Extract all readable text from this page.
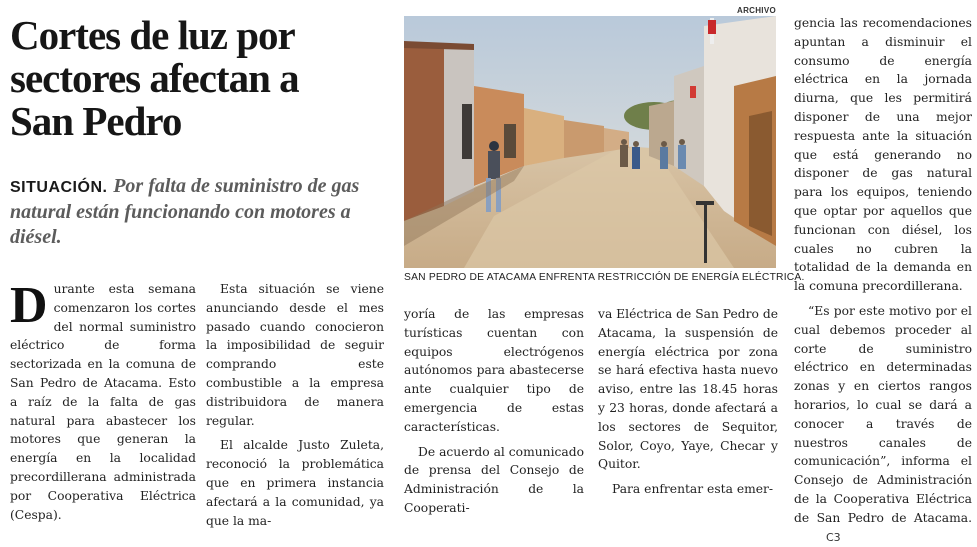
ARCHIVO
Cortes de luz por
sectores afectan a
San Pedro
SITUACIÓN. Por falta de suministro de gas natural están funcionando con motores a diésel.
SAN PEDRO DE ATACAMA ENFRENTA RESTRICCIÓN DE ENERGÍA ELÉCTRICA.

Durante esta semana comenzaron los cortes del normal suministro eléctrico de forma sectorizada en la comuna de San Pedro de Atacama. Esto a raíz de la falta de gas natural para abastecer los motores que generan la energía en la localidad precordillerana administrada por Cooperativa Eléctrica (Cespa).

Esta situación se viene anunciando desde el mes pasado cuando conocieron la imposibilidad de seguir comprando este combustible a la empresa distribuidora de manera regular.

El alcalde Justo Zuleta, reconoció la problemática que en primera instancia afectará a la comunidad, ya que la ma-

yoría de las empresas turísticas cuentan con equipos electrógenos autónomos para abastecerse ante cualquier tipo de emergencia de estas características.

De acuerdo al comunicado de prensa del Consejo de Administración de la Cooperati-

va Eléctrica de San Pedro de Atacama, la suspensión de energía eléctrica por zona se hará efectiva hasta nuevo aviso, entre las 18.45 horas y 23 horas, donde afectará a los sectores de Sequitor, Solor, Coyo, Yaye, Checar y Quitor.

Para enfrentar esta emer-

gencia las recomendaciones apuntan a disminuir el consumo de energía eléctrica en la jornada diurna, que les permitirá disponer de una mejor respuesta ante la situación que está generando no disponer de gas natural para los equipos, teniendo que optar por aquellos que funcionan con diésel, los cuales no cubren la totalidad de la demanda en la comuna precordillerana.

“Es por este motivo por el cual debemos proceder al corte de suministro eléctrico en determinadas zonas y en ciertos rangos horarios, lo cual se dará a conocer a través de nuestros canales de comunicación”, informa el Consejo de Administración de la Cooperativa Eléctrica de San Pedro de Atacama.C3
